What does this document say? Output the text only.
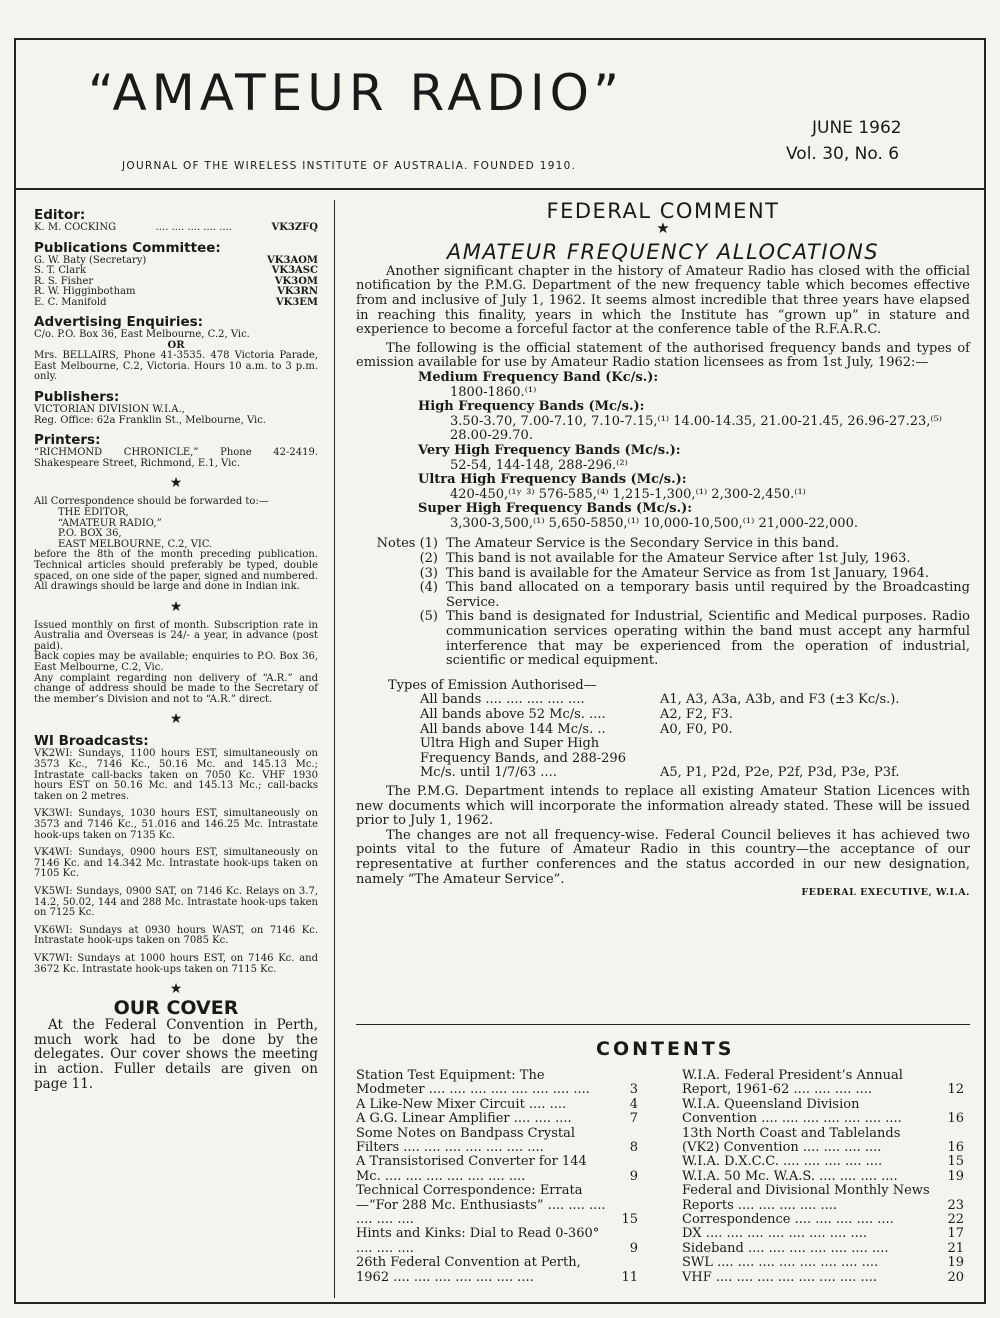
“AMATEUR RADIO”
JOURNAL OF THE WIRELESS INSTITUTE OF AUSTRALIA. FOUNDED 1910.
JUNE 1962
Vol. 30, No. 6
Editor:
K. M. COCKING	.... .... .... .... ....	VK3ZFQ
Publications Committee:
G. W. Baty (Secretary)	VK3AOM
S. T. Clark	VK3ASC
R. S. Fisher	VK3OM
R. W. Higginbotham	VK3RN
E. C. Manifold	VK3EM
Advertising Enquiries:

C/o. P.O. Box 36, East Melbourne, C.2, Vic.

OR

Mrs. BELLAIRS, Phone 41-3535. 478 Victoria Parade, East Melbourne, C.2, Victoria. Hours 10 a.m. to 3 p.m. only.

Publishers:

VICTORIAN DIVISION W.I.A.,

Reg. Office: 62a Franklin St., Melbourne, Vic.

Printers:

“RICHMOND CHRONICLE,” Phone 42-2419. Shakespeare Street, Richmond, E.1, Vic.

★

All Correspondence should be forwarded to:—

THE EDITOR,

“AMATEUR RADIO,”

P.O. BOX 36,

EAST MELBOURNE, C.2, VIC.

before the 8th of the month preceding publication. Technical articles should preferably be typed, double spaced, on one side of the paper, signed and numbered. All drawings should be large and done in Indian ink.

★

Issued monthly on first of month. Subscription rate in Australia and Overseas is 24/- a year, in advance (post paid).

Back copies may be available; enquiries to P.O. Box 36, East Melbourne, C.2, Vic.

Any complaint regarding non delivery of “A.R.” and change of address should be made to the Secretary of the member’s Division and not to “A.R.” direct.

★
WI Broadcasts:

VK2WI: Sundays, 1100 hours EST, simultaneously on 3573 Kc., 7146 Kc., 50.16 Mc. and 145.13 Mc.; Intrastate call-backs taken on 7050 Kc. VHF 1930 hours EST on 50.16 Mc. and 145.13 Mc.; call-backs taken on 2 metres.

VK3WI: Sundays, 1030 hours EST, simultaneously on 3573 and 7146 Kc., 51.016 and 146.25 Mc. Intrastate hook-ups taken on 7135 Kc.

VK4WI: Sundays, 0900 hours EST, simultaneously on 7146 Kc. and 14.342 Mc. Intrastate hook-ups taken on 7105 Kc.

VK5WI: Sundays, 0900 SAT, on 7146 Kc. Relays on 3.7, 14.2, 50.02, 144 and 288 Mc. Intrastate hook-ups taken on 7125 Kc.

VK6WI: Sundays at 0930 hours WAST, on 7146 Kc. Intrastate hook-ups taken on 7085 Kc.

VK7WI: Sundays at 1000 hours EST, on 7146 Kc. and 3672 Kc. Intrastate hook-ups taken on 7115 Kc.

★
OUR COVER

At the Federal Convention in Perth, much work had to be done by the delegates. Our cover shows the meeting in action. Fuller details are given on page 11.

FEDERAL COMMENT
★
AMATEUR FREQUENCY ALLOCATIONS

Another significant chapter in the history of Amateur Radio has closed with the official notification by the P.M.G. Department of the new frequency table which becomes effective from and inclusive of July 1, 1962. It seems almost incredible that three years have elapsed in reaching this finality, years in which the Institute has “grown up” in stature and experience to become a forceful factor at the conference table of the R.F.A.R.C.

The following is the official statement of the authorised frequency bands and types of emission available for use by Amateur Radio station licensees as from 1st July, 1962:—

Medium Frequency Band (Kc/s.):
1800-1860.⁽¹⁾
High Frequency Bands (Mc/s.):
3.50-3.70, 7.00-7.10, 7.10-7.15,⁽¹⁾ 14.00-14.35, 21.00-21.45, 26.96-27.23,⁽⁵⁾ 28.00-29.70.
Very High Frequency Bands (Mc/s.):
52-54, 144-148, 288-296.⁽²⁾
Ultra High Frequency Bands (Mc/s.):
420-450,⁽¹ʸ ³⁾ 576-585,⁽⁴⁾ 1,215-1,300,⁽¹⁾ 2,300-2,450.⁽¹⁾
Super High Frequency Bands (Mc/s.):
3,300-3,500,⁽¹⁾ 5,650-5850,⁽¹⁾ 10,000-10,500,⁽¹⁾ 21,000-22,000.
Notes (1) The Amateur Service is the Secondary Service in this band.
(2) This band is not available for the Amateur Service after 1st July, 1963.
(3) This band is available for the Amateur Service as from 1st January, 1964.
(4) This band allocated on a temporary basis until required by the Broadcasting Service.
(5) This band is designated for Industrial, Scientific and Medical purposes. Radio communication services operating within the band must accept any harmful interference that may be experienced from the operation of industrial, scientific or medical equipment.
Types of Emission Authorised—
All bands .... .... .... .... ....	A1, A3, A3a, A3b, and F3 (±3 Kc/s.).
All bands above 52 Mc/s. ....	A2, F2, F3.
All bands above 144 Mc/s. ..	A0, F0, P0.
Ultra High and Super High Frequency Bands, and 288-296 Mc/s. until 1/7/63 ....	A5, P1, P2d, P2e, P2f, P3d, P3e, P3f.

The P.M.G. Department intends to replace all existing Amateur Station Licences with new documents which will incorporate the information already stated. These will be issued prior to July 1, 1962.

The changes are not all frequency-wise. Federal Council believes it has achieved two points vital to the future of Amateur Radio in this country—the acceptance of our representative at further conferences and the status accorded in our new designation, namely “The Amateur Service”.

FEDERAL EXECUTIVE, W.I.A.
CONTENTS
Station Test Equipment: The Modmeter .... .... .... .... .... .... .... ....	3
A Like-New Mixer Circuit .... ....	4
A G.G. Linear Amplifier .... .... ....	7
Some Notes on Bandpass Crystal Filters .... .... .... .... .... .... ....	8
A Transistorised Converter for 144 Mc. .... .... .... .... .... .... ....	9
Technical Correspondence: Errata—“For 288 Mc. Enthusiasts” .... .... .... .... .... ....	15
Hints and Kinks: Dial to Read 0-360° .... .... ....	9
26th Federal Convention at Perth, 1962 .... .... .... .... .... .... ....	11
W.I.A. Federal President’s Annual Report, 1961-62 .... .... .... ....	12
W.I.A. Queensland Division Convention .... .... .... .... .... .... ....	16
13th North Coast and Tablelands (VK2) Convention .... .... .... ....	16
W.I.A. D.X.C.C. .... .... .... .... ....	15
W.I.A. 50 Mc. W.A.S. .... .... .... ....	19
Federal and Divisional Monthly News Reports .... .... .... .... ....	23
Correspondence .... .... .... .... ....	22
DX .... .... .... .... .... .... .... ....	17
Sideband .... .... .... .... .... .... ....	21
SWL .... .... .... .... .... .... .... ....	19
VHF .... .... .... .... .... .... .... ....	20
